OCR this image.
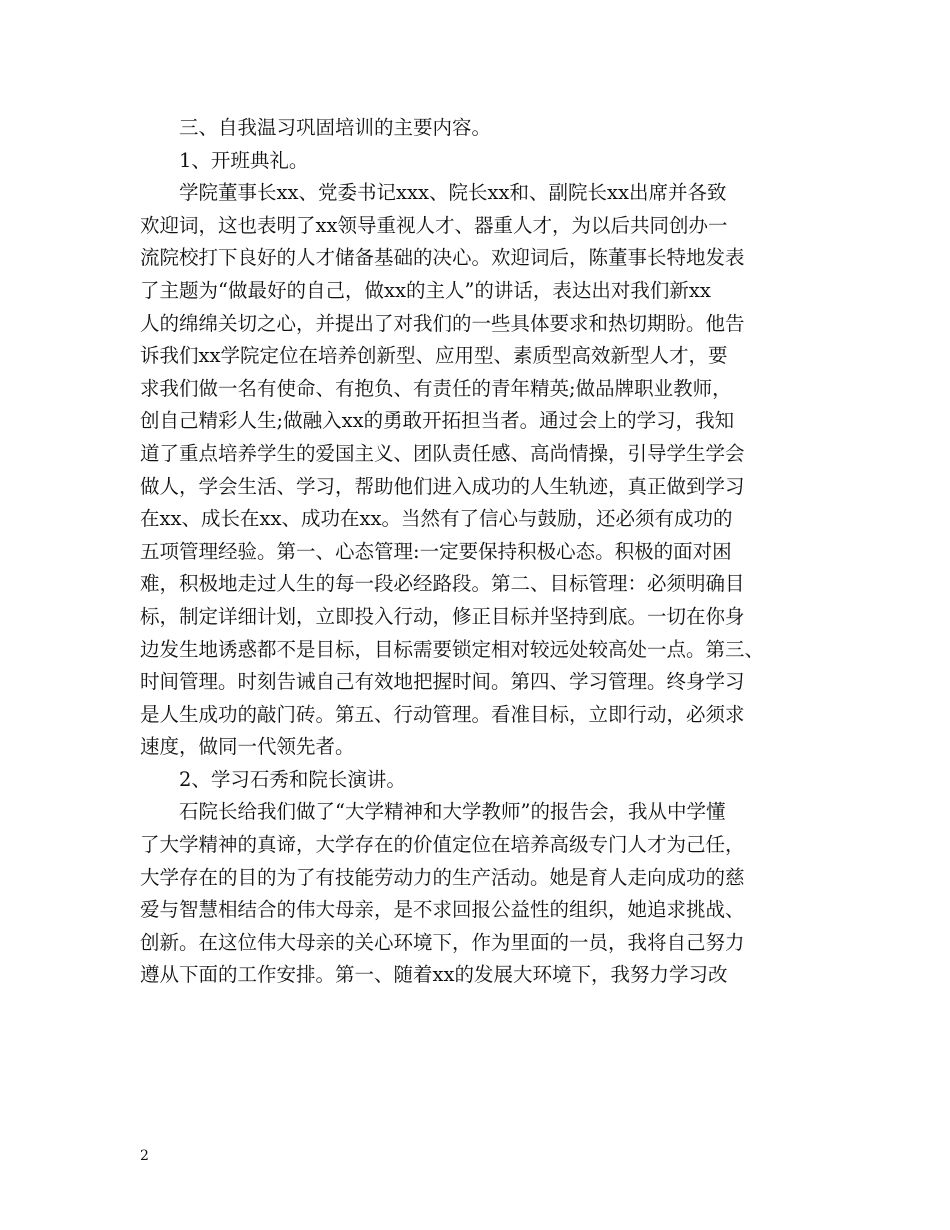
三、自我温习巩固培训的主要内容。
1、开班典礼。
学院董事长xx、党委书记xxx、院长xx和、副院长xx出席并各致
欢迎词，这也表明了xx领导重视人才、器重人才，为以后共同创办一
流院校打下良好的人才储备基础的决心。欢迎词后，陈董事长特地发表
了主题为“做最好的自己，做xx的主人”的讲话，表达出对我们新xx
人的绵绵关切之心，并提出了对我们的一些具体要求和热切期盼。他告
诉我们xx学院定位在培养创新型、应用型、素质型高效新型人才，要
求我们做一名有使命、有抱负、有责任的青年精英;做品牌职业教师，
创自己精彩人生;做融入xx的勇敢开拓担当者。通过会上的学习，我知
道了重点培养学生的爱国主义、团队责任感、高尚情操，引导学生学会
做人，学会生活、学习，帮助他们进入成功的人生轨迹，真正做到学习
在xx、成长在xx、成功在xx。当然有了信心与鼓励，还必须有成功的
五项管理经验。第一、心态管理:一定要保持积极心态。积极的面对困
难，积极地走过人生的每一段必经路段。第二、目标管理：必须明确目
标，制定详细计划，立即投入行动，修正目标并坚持到底。一切在你身
边发生地诱惑都不是目标，目标需要锁定相对较远处较高处一点。第三、
时间管理。时刻告诫自己有效地把握时间。第四、学习管理。终身学习
是人生成功的敲门砖。第五、行动管理。看准目标，立即行动，必须求
速度，做同一代领先者。
2、学习石秀和院长演讲。
石院长给我们做了“大学精神和大学教师”的报告会，我从中学懂
了大学精神的真谛，大学存在的价值定位在培养高级专门人才为己任，
大学存在的目的为了有技能劳动力的生产活动。她是育人走向成功的慈
爱与智慧相结合的伟大母亲，是不求回报公益性的组织，她追求挑战、
创新。在这位伟大母亲的关心环境下，作为里面的一员，我将自己努力
遵从下面的工作安排。第一、随着xx的发展大环境下，我努力学习改
2
